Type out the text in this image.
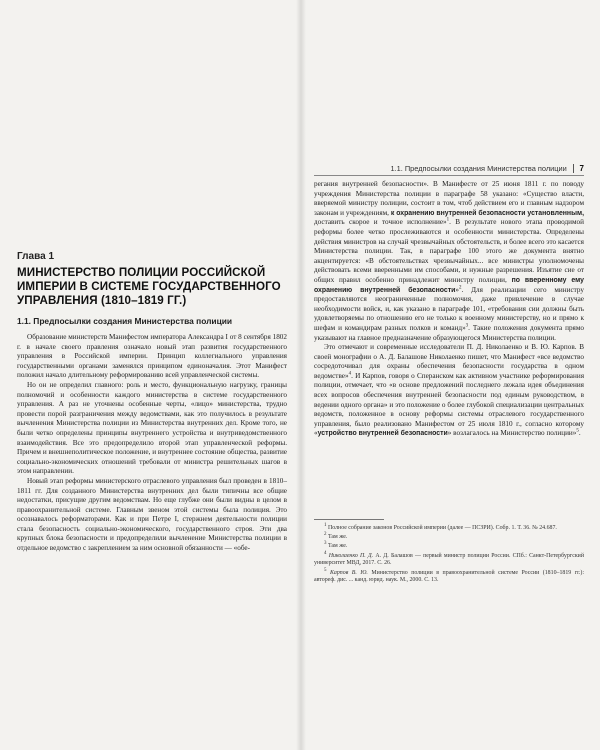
Глава 1
МИНИСТЕРСТВО ПОЛИЦИИ РОССИЙСКОЙ ИМПЕРИИ В СИСТЕМЕ ГОСУДАРСТВЕННОГО УПРАВЛЕНИЯ (1810–1819 ГГ.)
1.1. Предпосылки создания Министерства полиции

Образование министерств Манифестом императора Александра I от 8 сентября 1802 г. в начале своего правления означало новый этап развития государственного управления в Российской империи. Принцип коллегиального управления государственными органами заменялся принципом единоначалия. Этот Манифест положил начало длительному реформированию всей управленческой системы.

Но он не определил главного: роль и место, функциональную нагрузку, границы полномочий и особенности каждого министерства в системе государственного управления. А раз не уточнены особенные черты, «лицо» министерства, трудно провести порой разграничения между ведомствами, как это получилось в результате вычленения Министерства полиции из Министерства внутренних дел. Кроме того, не были четко определены принципы внутреннего устройства и внутриведомственного взаимодействия. Все это предопределило второй этап управленческой реформы. Причем и внешнеполитическое положение, и внутреннее состояние общества, развитие социально-экономических отношений требовали от министра решительных шагов в этом направлении.

Новый этап реформы министерского отраслевого управления был проведен в 1810–1811 гг. Для созданного Министерства внутренних дел были типичны все общие недостатки, присущие другим ведомствам. Но еще глубже они были видны в целом в правоохранительной системе. Главным звеном этой системы была полиция. Это осознавалось реформаторами. Как и при Петре I, стержнем деятельности полиции стала безопасность социально-экономического, государственного строя. Эти два крупных блока безопасности и предопределили вычленение Министерства полиции в отдельное ведомство с закреплением за ним основной обязанности — «обе-

1.1. Предпосылки создания Министерства полиции 7

регания внутренней безопасности». В Манифесте от 25 июня 1811 г. по поводу учреждения Министерства полиции в параграфе 58 указано: «Существо власти, вверяемой министру полиции, состоит в том, чтоб действием его и главным надзором законам и учреждениям, к охранению внутренней безопасности установленным, доставить скорое и точное исполнение»$^1$. В результате нового этапа проводимой реформы более четко прослеживаются и особенности министерства. Определены действия министров на случай чрезвычайных обстоятельств, и более всего это касается Министерства полиции. Так, в параграфе 100 этого же документа внятно акцентируется: «В обстоятельствах чрезвычайных... все министры уполномочены действовать всеми вверенными им способами, и нужные разрешения. Изъятие сие от общих правил особенно принадлежит министру полиции, по вверенному ему охранению внутренней безопасности»$^2$. Для реализации сего министру предоставляются неограниченные полномочия, даже привлечение в случае необходимости войск, и, как указано в параграфе 101, «требования сии должны быть удовлетворяемы по отношению его не только к военному министерству, но и прямо к шефам и командирам разных полков и команд»$^3$. Такие положения документа прямо указывают на главное предназначение образующегося Министерства полиции.

Это отмечают и современные исследователи П. Д. Николаенко и В. Ю. Карпов. В своей монографии о А. Д. Балашове Николаенко пишет, что Манифест «все ведомство сосредоточивал для охраны обеспечения безопасности государства в одном ведомстве»$^4$. И Карпов, говоря о Сперанском как активном участнике реформирования полиции, отмечает, что «в основе предложений последнего лежала идея объединения всех вопросов обеспечения внутренней безопасности под единым руководством, в ведении одного органа» и это положение о более глубокой специализации центральных ведомств, положенное в основу реформы системы отраслевого государственного управления, было реализовано Манифестом от 25 июля 1810 г., согласно которому «устройство внутренней безопасности» возлагалось на Министерство полиции»$^5$.

$^1$ Полное собрание законов Российской империи (далее — ПСЗРИ). Собр. 1. Т. 36. № 24.687.

$^2$ Там же.

$^3$ Там же.

$^4$ Николаенко П. Д. А. Д. Балашов — первый министр полиции России. СПб.: Санкт-Петербургский университет МВД, 2017. С. 26.

$^5$ Карпов В. Ю. Министерство полиции в правоохранительной системе России (1810–1819 гг.): автореф. дис. ... канд. юрид. наук. М., 2000. С. 13.
